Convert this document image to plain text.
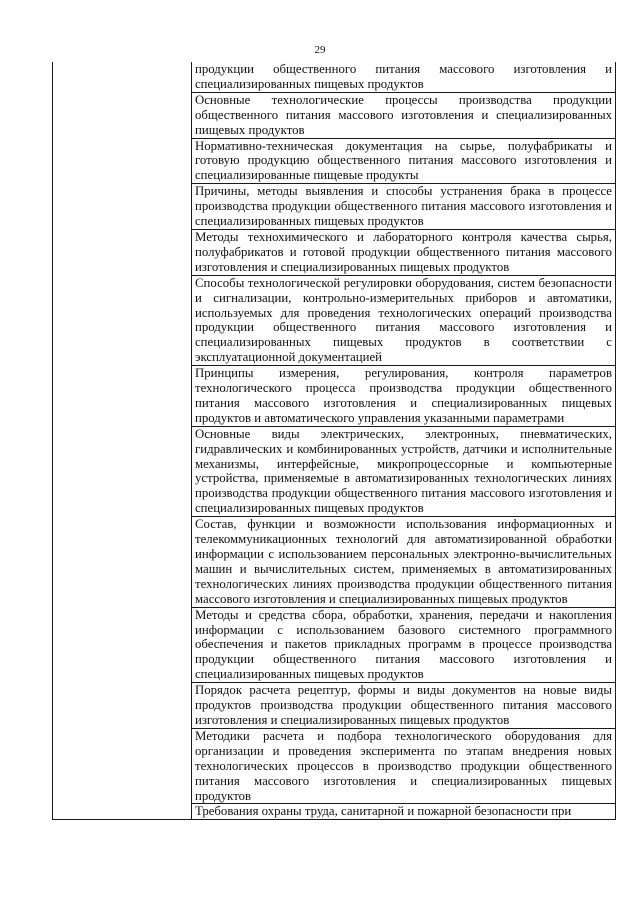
29
	продукции общественного питания массового изготовления и специализированных пищевых продуктов
Основные технологические процессы производства продукции общественного питания массового изготовления и специализированных пищевых продуктов
Нормативно-техническая документация на сырье, полуфабрикаты и готовую продукцию общественного питания массового изготовления и специализированные пищевые продукты
Причины, методы выявления и способы устранения брака в процессе производства продукции общественного питания массового изготовления и специализированных пищевых продуктов
Методы технохимического и лабораторного контроля качества сырья, полуфабрикатов и готовой продукции общественного питания массового изготовления и специализированных пищевых продуктов
Способы технологической регулировки оборудования, систем безопасности и сигнализации, контрольно-измерительных приборов и автоматики, используемых для проведения технологических операций производства продукции общественного питания массового изготовления и специализированных пищевых продуктов в соответствии с эксплуатационной документацией
Принципы измерения, регулирования, контроля параметров технологического процесса производства продукции общественного питания массового изготовления и специализированных пищевых продуктов и автоматического управления указанными параметрами
Основные виды электрических, электронных, пневматических, гидравлических и комбинированных устройств, датчики и исполнительные механизмы, интерфейсные, микропроцессорные и компьютерные устройства, применяемые в автоматизированных технологических линиях производства продукции общественного питания массового изготовления и специализированных пищевых продуктов
Состав, функции и возможности использования информационных и телекоммуникационных технологий для автоматизированной обработки информации с использованием персональных электронно-вычислительных машин и вычислительных систем, применяемых в автоматизированных технологических линиях производства продукции общественного питания массового изготовления и специализированных пищевых продуктов
Методы и средства сбора, обработки, хранения, передачи и накопления информации с использованием базового системного программного обеспечения и пакетов прикладных программ в процессе производства продукции общественного питания массового изготовления и специализированных пищевых продуктов
Порядок расчета рецептур, формы и виды документов на новые виды продуктов производства продукции общественного питания массового изготовления и специализированных пищевых продуктов
Методики расчета и подбора технологического оборудования для организации и проведения эксперимента по этапам внедрения новых технологических процессов в производство продукции общественного питания массового изготовления и специализированных пищевых продуктов
Требования охраны труда, санитарной и пожарной безопасности при
